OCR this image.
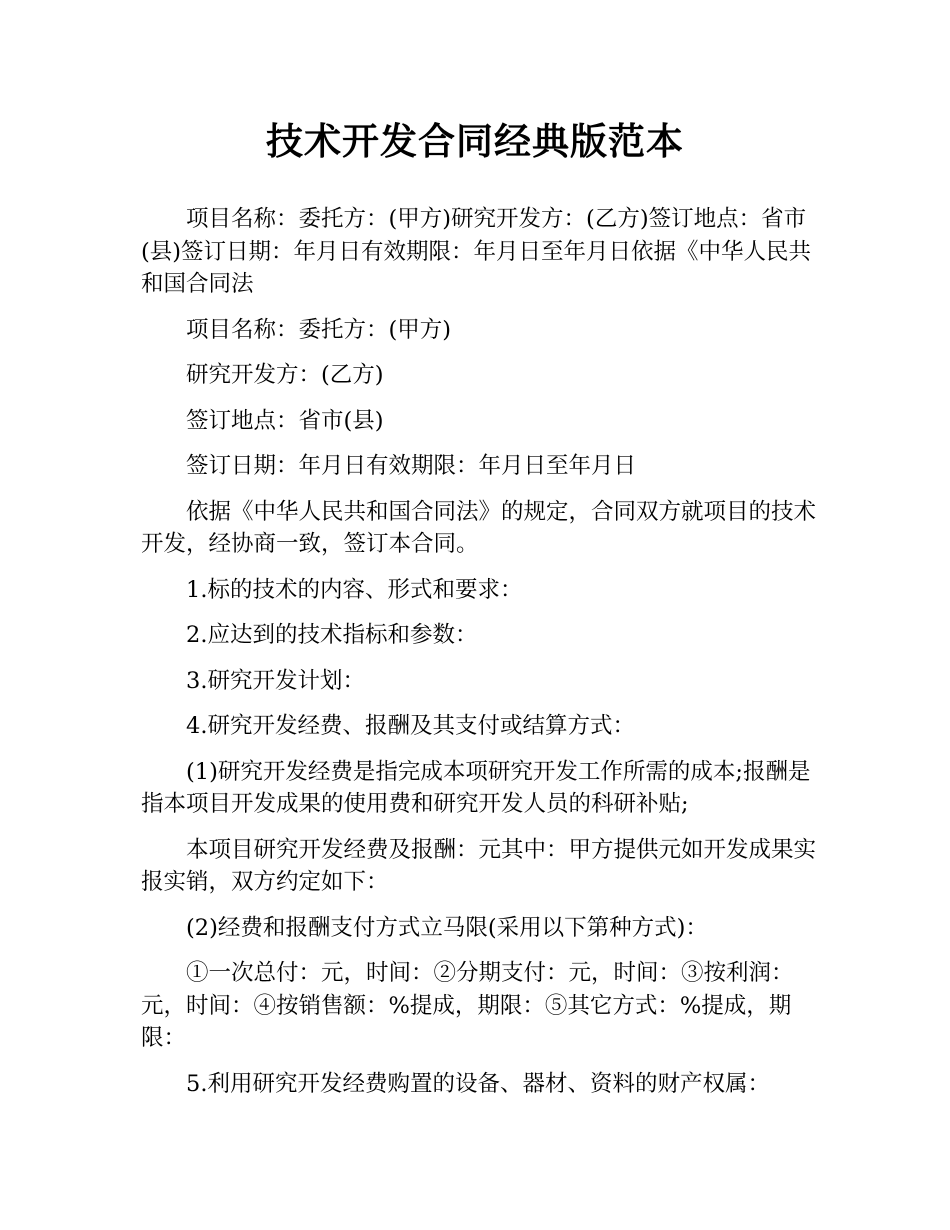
技术开发合同经典版范本

项目名称：委托方：(甲方)研究开发方：(乙方)签订地点：省市(县)签订日期：年月日有效期限：年月日至年月日依据《中华人民共和国合同法

项目名称：委托方：(甲方)

研究开发方：(乙方)

签订地点：省市(县)

签订日期：年月日有效期限：年月日至年月日

依据《中华人民共和国合同法》的规定，合同双方就项目的技术开发，经协商一致，签订本合同。

1.标的技术的内容、形式和要求：

2.应达到的技术指标和参数：

3.研究开发计划：

4.研究开发经费、报酬及其支付或结算方式：

(1)研究开发经费是指完成本项研究开发工作所需的成本;报酬是指本项目开发成果的使用费和研究开发人员的科研补贴;

本项目研究开发经费及报酬：元其中：甲方提供元如开发成果实报实销，双方约定如下：

(2)经费和报酬支付方式立马限(采用以下第种方式)：

①一次总付：元，时间：②分期支付：元，时间：③按利润：元，时间：④按销售额：%提成，期限：⑤其它方式：%提成，期限：

5.利用研究开发经费购置的设备、器材、资料的财产权属：
